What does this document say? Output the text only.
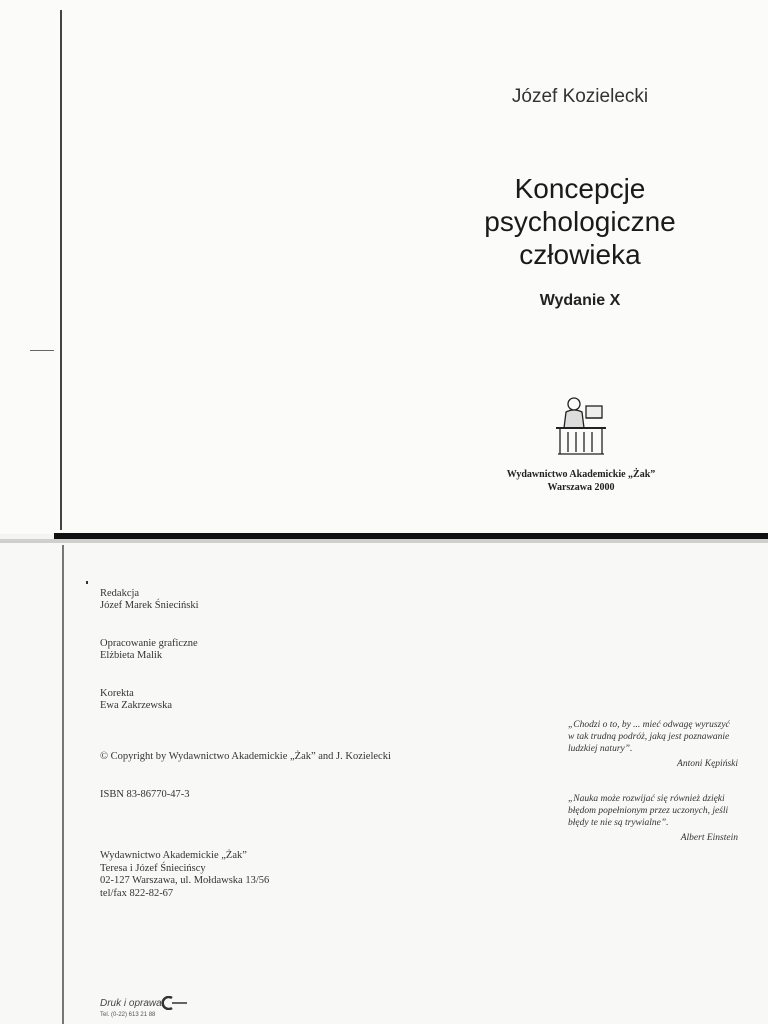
Józef Kozielecki
Koncepcje
psychologiczne
człowieka
Wydanie X
Wydawnictwo Akademickie „Żak”
Warszawa 2000
Redakcja
Józef Marek Śnieciński
Opracowanie graficzne
Elżbieta Malik
Korekta
Ewa Zakrzewska
© Copyright by Wydawnictwo Akademickie „Żak” and J. Kozielecki
ISBN 83-86770-47-3
Wydawnictwo Akademickie „Żak”
Teresa i Józef Śniecińscy
02-127 Warszawa, ul. Mołdawska 13/56
tel/fax 822-82-67
„Chodzi o to, by ... mieć odwagę wyruszyć
w tak trudną podróż, jaką jest poznawanie
ludzkiej natury”.
Antoni Kępiński
„Nauka może rozwijać się również dzięki
błędom popełnionym przez uczonych, jeśli
błędy te nie są trywialne”.
Albert Einstein
Druk i oprawa:
Tel. (0-22) 613 21 88
